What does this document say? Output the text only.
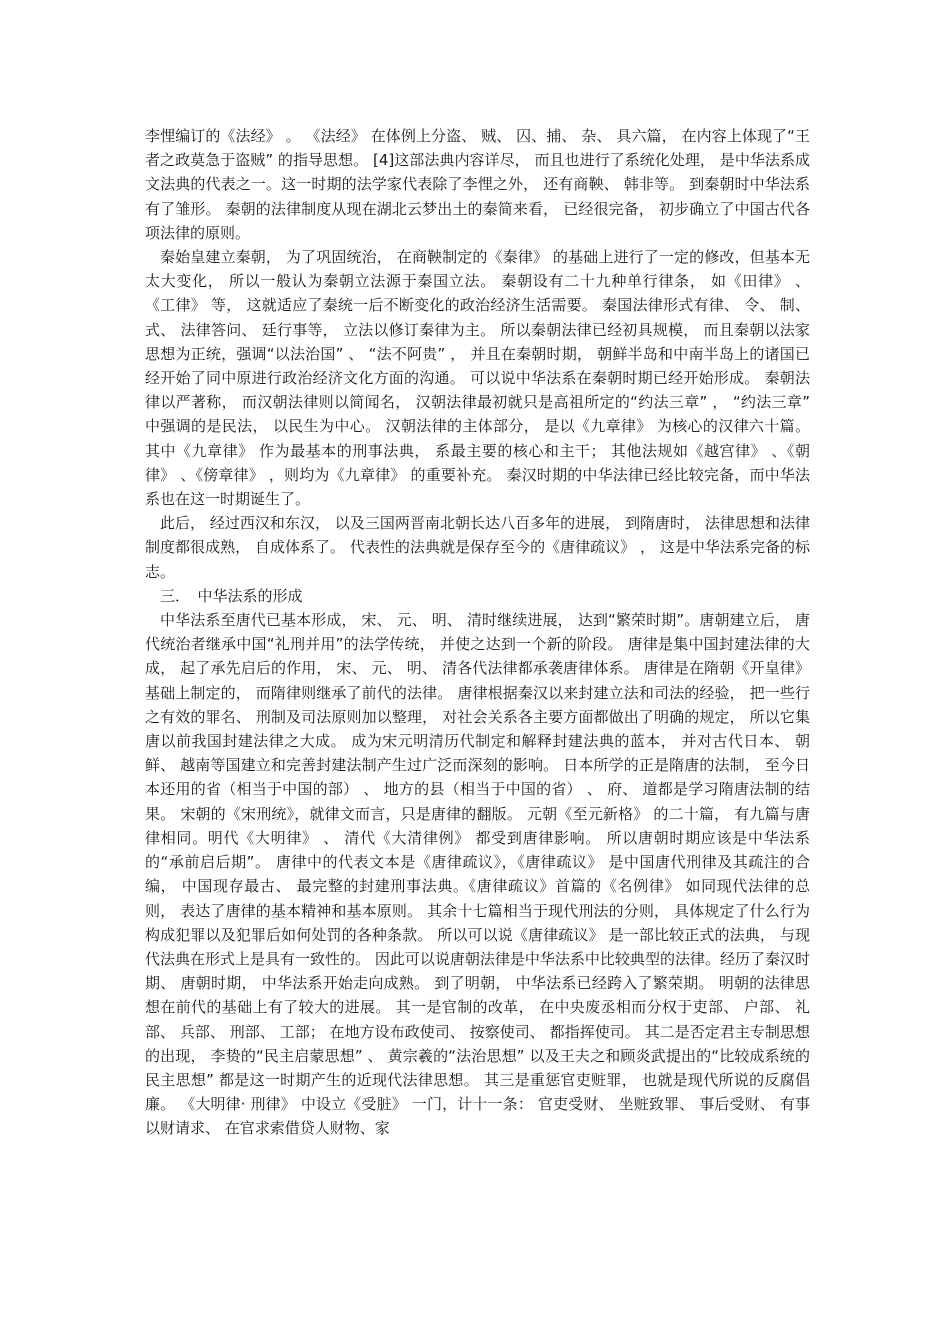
李悝编订的《法经》 。 《法经》 在体例上分盗、 贼、 囚、捕、 杂、 具六篇， 在内容上体现了“王者之政莫急于盗贼” 的指导思想。 [4]这部法典内容详尽， 而且也进行了系统化处理， 是中华法系成文法典的代表之一。这一时期的法学家代表除了李悝之外， 还有商鞅、 韩非等。 到秦朝时中华法系有了雏形。 秦朝的法律制度从现在湖北云梦出土的秦简来看， 已经很完备， 初步确立了中国古代各项法律的原则。

秦始皇建立秦朝， 为了巩固统治， 在商鞅制定的《秦律》 的基础上进行了一定的修改，但基本无太大变化， 所以一般认为秦朝立法源于秦国立法。 秦朝设有二十九种单行律条， 如《田律》 、 《工律》 等， 这就适应了秦统一后不断变化的政治经济生活需要。 秦国法律形式有律、 令、 制、 式、 法律答问、 廷行事等， 立法以修订秦律为主。 所以秦朝法律已经初具规模， 而且秦朝以法家思想为正统，强调“以法治国” 、 “法不阿贵” ， 并且在秦朝时期， 朝鲜半岛和中南半岛上的诸国已经开始了同中原进行政治经济文化方面的沟通。 可以说中华法系在秦朝时期已经开始形成。 秦朝法律以严著称， 而汉朝法律则以简闻名， 汉朝法律最初就只是高祖所定的“约法三章” ， “约法三章” 中强调的是民法， 以民生为中心。 汉朝法律的主体部分， 是以《九章律》 为核心的汉律六十篇。 其中《九章律》 作为最基本的刑事法典， 系最主要的核心和主干； 其他法规如《越宫律》 、《朝律》 、《傍章律》 ，则均为《九章律》 的重要补充。 秦汉时期的中华法律已经比较完备，而中华法系也在这一时期诞生了。

此后， 经过西汉和东汉， 以及三国两晋南北朝长达八百多年的进展， 到隋唐时， 法律思想和法律制度都很成熟， 自成体系了。 代表性的法典就是保存至今的《唐律疏议》 ， 这是中华法系完备的标志。

三．　中华法系的形成

中华法系至唐代已基本形成， 宋、 元、 明、 清时继续进展， 达到“繁荣时期”。唐朝建立后， 唐代统治者继承中国“礼刑并用”的法学传统， 并使之达到一个新的阶段。 唐律是集中国封建法律的大成， 起了承先启后的作用， 宋、 元、 明、 清各代法律都承袭唐律体系。 唐律是在隋朝《开皇律》 基础上制定的， 而隋律则继承了前代的法律。 唐律根据秦汉以来封建立法和司法的经验， 把一些行之有效的罪名、 刑制及司法原则加以整理， 对社会关系各主要方面都做出了明确的规定， 所以它集唐以前我国封建法律之大成。 成为宋元明清历代制定和解释封建法典的蓝本， 并对古代日本、 朝鲜、 越南等国建立和完善封建法制产生过广泛而深刻的影响。 日本所学的正是隋唐的法制， 至今日本还用的省（相当于中国的部） 、 地方的县（相当于中国的省） 、 府、 道都是学习隋唐法制的结果。 宋朝的《宋刑统》，就律文而言，只是唐律的翻版。 元朝《至元新格》 的二十篇， 有九篇与唐律相同。明代《大明律》 、 清代《大清律例》 都受到唐律影响。 所以唐朝时期应该是中华法系的“承前启后期”。 唐律中的代表文本是《唐律疏议》，《唐律疏议》 是中国唐代刑律及其疏注的合编， 中国现存最古、 最完整的封建刑事法典。《唐律疏议》首篇的《名例律》 如同现代法律的总则， 表达了唐律的基本精神和基本原则。 其余十七篇相当于现代刑法的分则， 具体规定了什么行为构成犯罪以及犯罪后如何处罚的各种条款。 所以可以说《唐律疏议》 是一部比较正式的法典， 与现代法典在形式上是具有一致性的。 因此可以说唐朝法律是中华法系中比较典型的法律。经历了秦汉时期、 唐朝时期， 中华法系开始走向成熟。 到了明朝， 中华法系已经跨入了繁荣期。 明朝的法律思想在前代的基础上有了较大的进展。 其一是官制的改革， 在中央废丞相而分权于吏部、 户部、 礼部、 兵部、 刑部、 工部； 在地方设布政使司、 按察使司、 都指挥使司。 其二是否定君主专制思想的出现， 李贽的“民主启蒙思想” 、 黄宗羲的“法治思想” 以及王夫之和顾炎武提出的“比较成系统的民主思想” 都是这一时期产生的近现代法律思想。 其三是重惩官吏赃罪， 也就是现代所说的反腐倡廉。 《大明律· 刑律》 中设立《受脏》 一门，计十一条： 官吏受财、 坐赃致罪、 事后受财、 有事以财请求、 在官求索借贷人财物、家
